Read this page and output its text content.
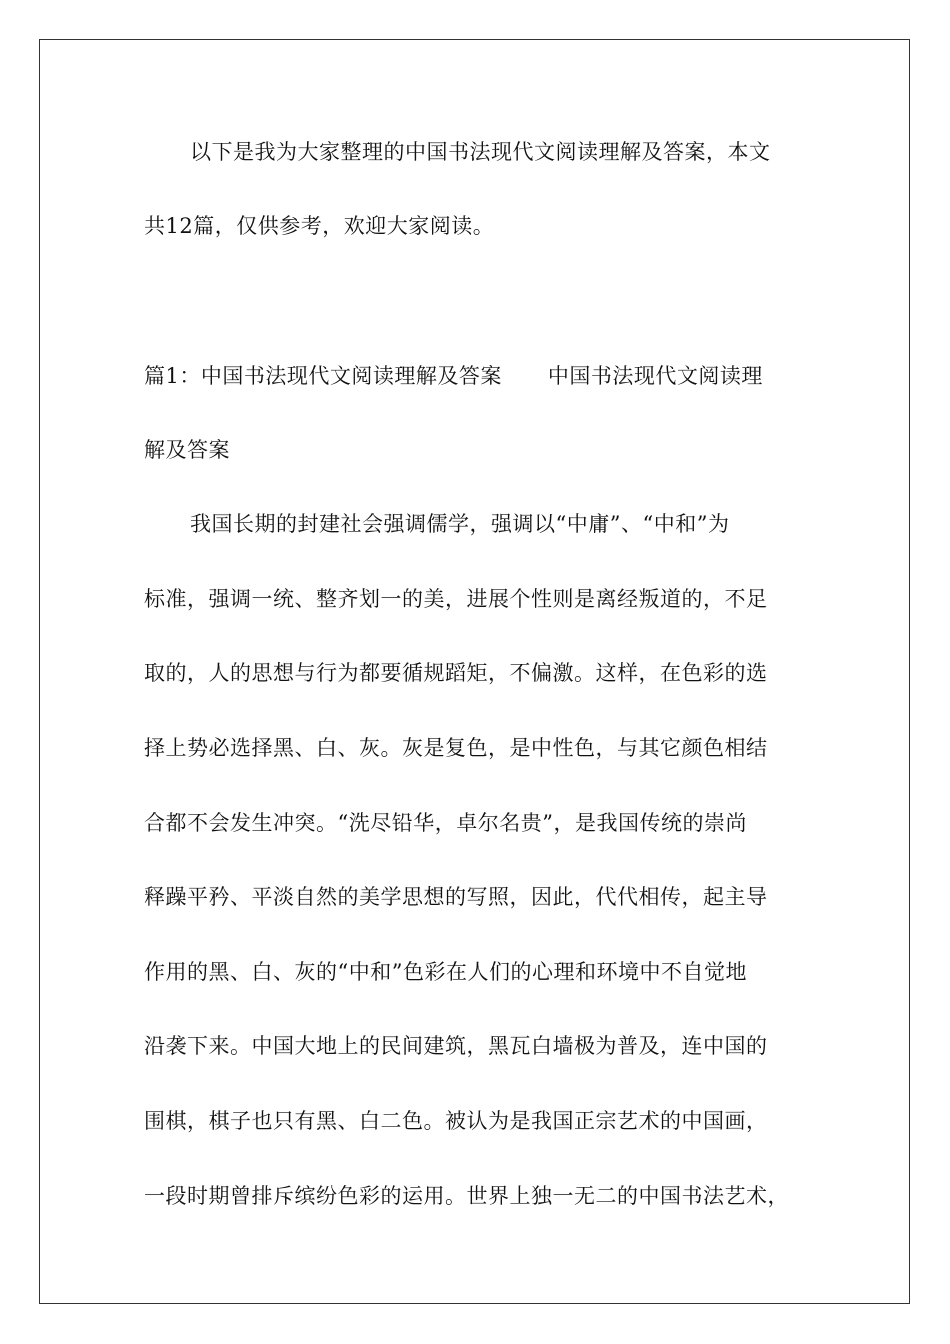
以下是我为大家整理的中国书法现代文阅读理解及答案，本文
共12篇，仅供参考，欢迎大家阅读。
篇1：中国书法现代文阅读理解及答案 中国书法现代文阅读理
解及答案
我国长期的封建社会强调儒学，强调以“中庸”、“中和”为
标准，强调一统、整齐划一的美，进展个性则是离经叛道的，不足
取的，人的思想与行为都要循规蹈矩，不偏激。这样，在色彩的选
择上势必选择黑、白、灰。灰是复色，是中性色，与其它颜色相结
合都不会发生冲突。“洗尽铅华，卓尔名贵”，是我国传统的崇尚
释躁平矜、平淡自然的美学思想的写照，因此，代代相传，起主导
作用的黑、白、灰的“中和”色彩在人们的心理和环境中不自觉地
沿袭下来。中国大地上的民间建筑，黑瓦白墙极为普及，连中国的
围棋，棋子也只有黑、白二色。被认为是我国正宗艺术的中国画，
一段时期曾排斥缤纷色彩的运用。世界上独一无二的中国书法艺术，
